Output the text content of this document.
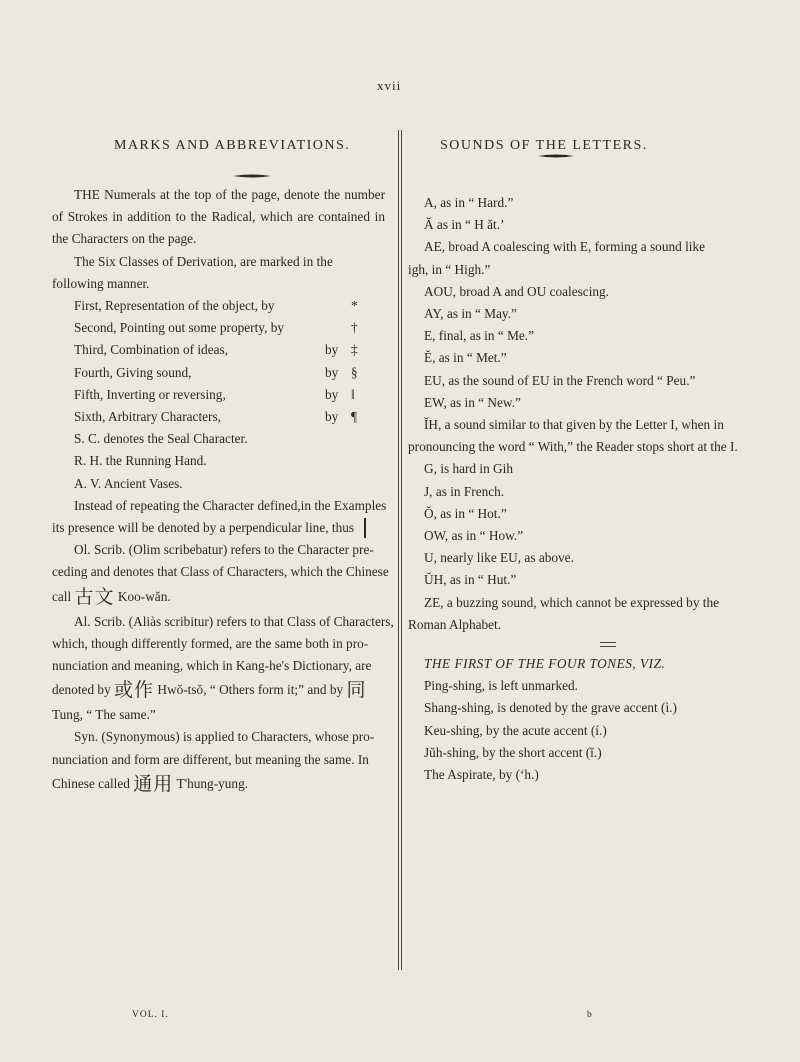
xvii
MARKS AND ABBREVIATIONS.	SOUNDS OF THE LETTERS.

THE Numerals at the top of the page, denote the number of Strokes in addition to the Radical, which are contained in the Characters on the page.

The Six Classes of Derivation, are marked in the following manner.

First, Representation of the object, by	*
Second, Pointing out some property, by	†
Third, Combination of ideas,	by ‡
Fourth, Giving sound,	by §
Fifth, Inverting or reversing,	by ‖
Sixth, Arbitrary Characters,	by ¶

S. C. denotes the Seal Character.

R. H. the Running Hand.

A. V. Ancient Vases.

Instead of repeating the Character defined,in the Examples

its presence will be denoted by a perpendicular line, thus

Ol. Scrib. (Olim scribebatur) refers to the Character pre-

ceding and denotes that Class of Characters, which the Chinese

call 古文 Koo-wăn.

Al. Scrib. (Aliàs scribitur) refers to that Class of Characters,

which, though differently formed, are the same both in pro-

nunciation and meaning, which in Kang-he's Dictionary, are

denoted by 或作 Hwŏ-tsŏ, “ Others form it;” and by 同

Tung, “ The same.”

Syn. (Synonymous) is applied to Characters, whose pro-

nunciation and form are different, but meaning the same. In

Chinese called 通用 T'hung-yung.

A, as in “ Hard.”

Ǎ as in “ H ăt.’

AE, broad A coalescing with E, forming a sound like

igh, in “ High.”

AOU, broad A and OU coalescing.

AY, as in “ May.”

E, final, as in “ Me.”

Ĕ, as in “ Met.”

EU, as the sound of EU in the French word “ Peu.”

EW, as in “ New.”

ǏH, a sound similar to that given by the Letter I, when in

pronouncing the word “ With,” the Reader stops short at the I.

G, is hard in Gih

J, as in French.

Ŏ, as in “ Hot.”

OW, as in “ How.”

U, nearly like EU, as above.

ŬH, as in “ Hut.”

ZE, a buzzing sound, which cannot be expressed by the

Roman Alphabet.

THE FIRST OF THE FOUR TONES, VIZ.

Ping-shing, is left unmarked.

Shang-shing, is denoted by the grave accent (ì.)

Keu-shing, by the acute accent (í.)

Jŭh-shing, by the short accent (ĭ.)

The Aspirate, by (ʻh.)

VOL. I.	b
